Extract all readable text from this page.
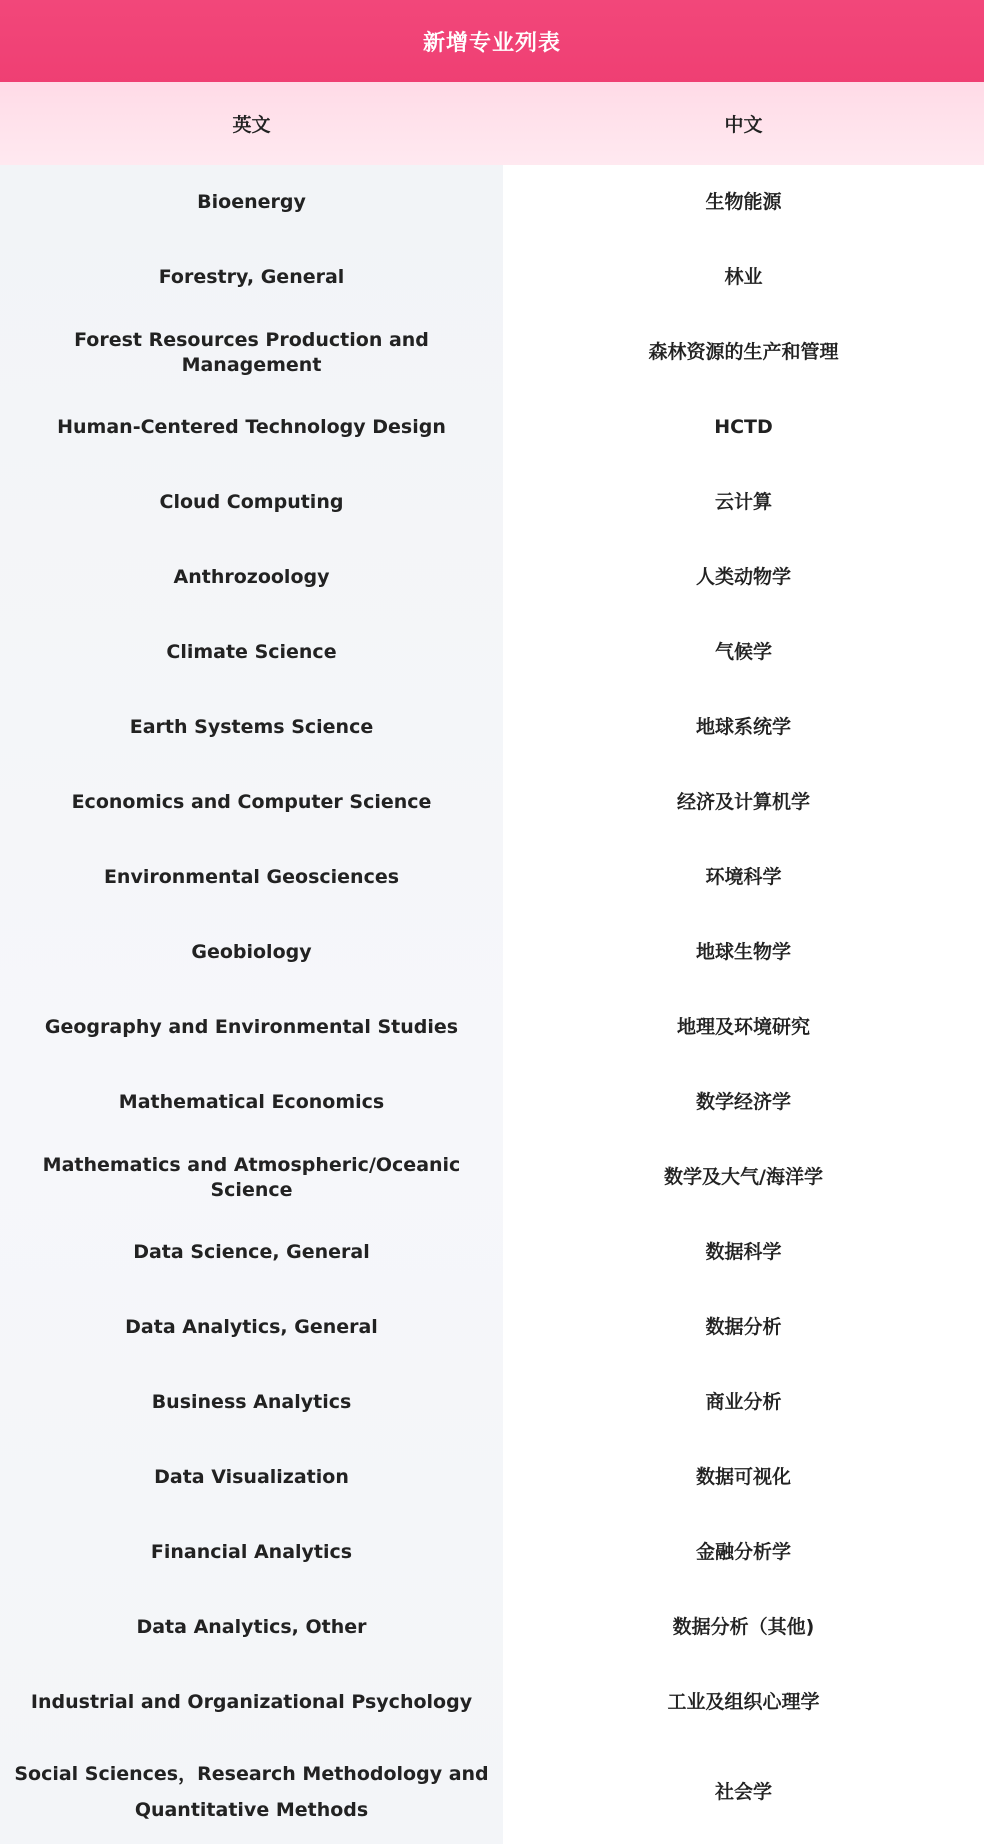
新增专业列表
英文	中文
Bioenergy
Forestry, General
Forest Resources Production and Management
Human-Centered Technology Design
Cloud Computing
Anthrozoology
Climate Science
Earth Systems Science
Economics and Computer Science
Environmental Geosciences
Geobiology
Geography and Environmental Studies
Mathematical Economics
Mathematics and Atmospheric/Oceanic Science
Data Science, General
Data Analytics, General
Business Analytics
Data Visualization
Financial Analytics
Data Analytics, Other
Industrial and Organizational Psychology
Social Sciences，Research Methodology and Quantitative Methods
生物能源
林业
森林资源的生产和管理
HCTD
云计算
人类动物学
气候学
地球系统学
经济及计算机学
环境科学
地球生物学
地理及环境研究
数学经济学
数学及大气/海洋学
数据科学
数据分析
商业分析
数据可视化
金融分析学
数据分析（其他)
工业及组织心理学
社会学
